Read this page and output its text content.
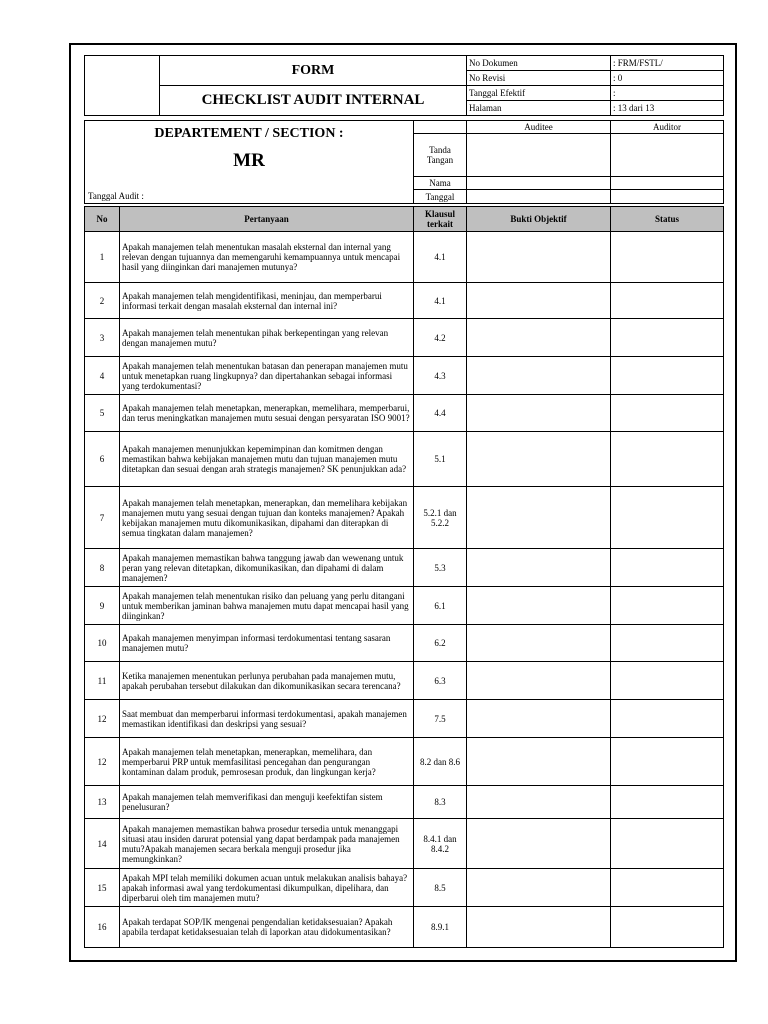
	FORM	No Dokumen	: FRM/FSTL/
		No Revisi	: 0
	CHECKLIST AUDIT INTERNAL	Tanggal Efektif	:
		Halaman	: 13 dari 13
DEPARTEMENT / SECTION :
MR		Auditee	Auditor
	Tanda Tangan		
	Nama		
Tanggal Audit :	Tanggal		
No	Pertanyaan	Klausul terkait	Bukti Objektif	Status
1	Apakah manajemen telah menentukan masalah eksternal dan internal yang relevan dengan tujuannya dan memengaruhi kemampuannya untuk mencapai hasil yang diinginkan dari manajemen mutunya?	4.1		
2	Apakah manajemen telah mengidentifikasi, meninjau, dan memperbarui informasi terkait dengan masalah eksternal dan internal ini?	4.1		
3	Apakah manajemen telah menentukan pihak berkepentingan yang relevan dengan manajemen mutu?	4.2		
4	Apakah manajemen telah menentukan batasan dan penerapan manajemen mutu untuk menetapkan ruang lingkupnya? dan dipertahankan sebagai informasi yang terdokumentasi?	4.3		
5	Apakah manajemen telah menetapkan, menerapkan, memelihara, memperbarui, dan terus meningkatkan manajemen mutu sesuai dengan persyaratan ISO 9001?	4.4		
6	Apakah manajemen menunjukkan kepemimpinan dan komitmen dengan memastikan bahwa kebijakan manajemen mutu dan tujuan manajemen mutu ditetapkan dan sesuai dengan arah strategis manajemen? SK penunjukkan ada?	5.1		
7	Apakah manajemen telah menetapkan, menerapkan, dan memelihara kebijakan manajemen mutu yang sesuai dengan tujuan dan konteks manajemen? Apakah kebijakan manajemen mutu dikomunikasikan, dipahami dan diterapkan di semua tingkatan dalam manajemen?	5.2.1 dan 5.2.2		
8	Apakah manajemen memastikan bahwa tanggung jawab dan wewenang untuk peran yang relevan ditetapkan, dikomunikasikan, dan dipahami di dalam manajemen?	5.3		
9	Apakah manajemen telah menentukan risiko dan peluang yang perlu ditangani untuk memberikan jaminan bahwa manajemen mutu dapat mencapai hasil yang diinginkan?	6.1		
10	Apakah manajemen menyimpan informasi terdokumentasi tentang sasaran manajemen mutu?	6.2		
11	Ketika manajemen menentukan perlunya perubahan pada manajemen mutu, apakah perubahan tersebut dilakukan dan dikomunikasikan secara terencana?	6.3		
12	Saat membuat dan memperbarui informasi terdokumentasi, apakah manajemen memastikan identifikasi dan deskripsi yang sesuai?	7.5		
12	Apakah manajemen telah menetapkan, menerapkan, memelihara, dan memperbarui PRP untuk memfasilitasi pencegahan dan pengurangan kontaminan dalam produk, pemrosesan produk, dan lingkungan kerja?	8.2 dan 8.6		
13	Apakah manajemen telah memverifikasi dan menguji keefektifan sistem penelusuran?	8.3		
14	Apakah manajemen memastikan bahwa prosedur tersedia untuk menanggapi situasi atau insiden darurat potensial yang dapat berdampak pada manajemen mutu?Apakah manajemen secara berkala menguji prosedur jika memungkinkan?	8.4.1 dan 8.4.2		
15	Apakah MPI telah memiliki dokumen acuan untuk melakukan analisis bahaya? apakah informasi awal yang terdokumentasi dikumpulkan, dipelihara, dan diperbarui oleh tim manajemen mutu?	8.5		
16	Apakah terdapat SOP/IK mengenai pengendalian ketidaksesuaian? Apakah apabila terdapat ketidaksesuaian telah di laporkan atau didokumentasikan?	8.9.1		
